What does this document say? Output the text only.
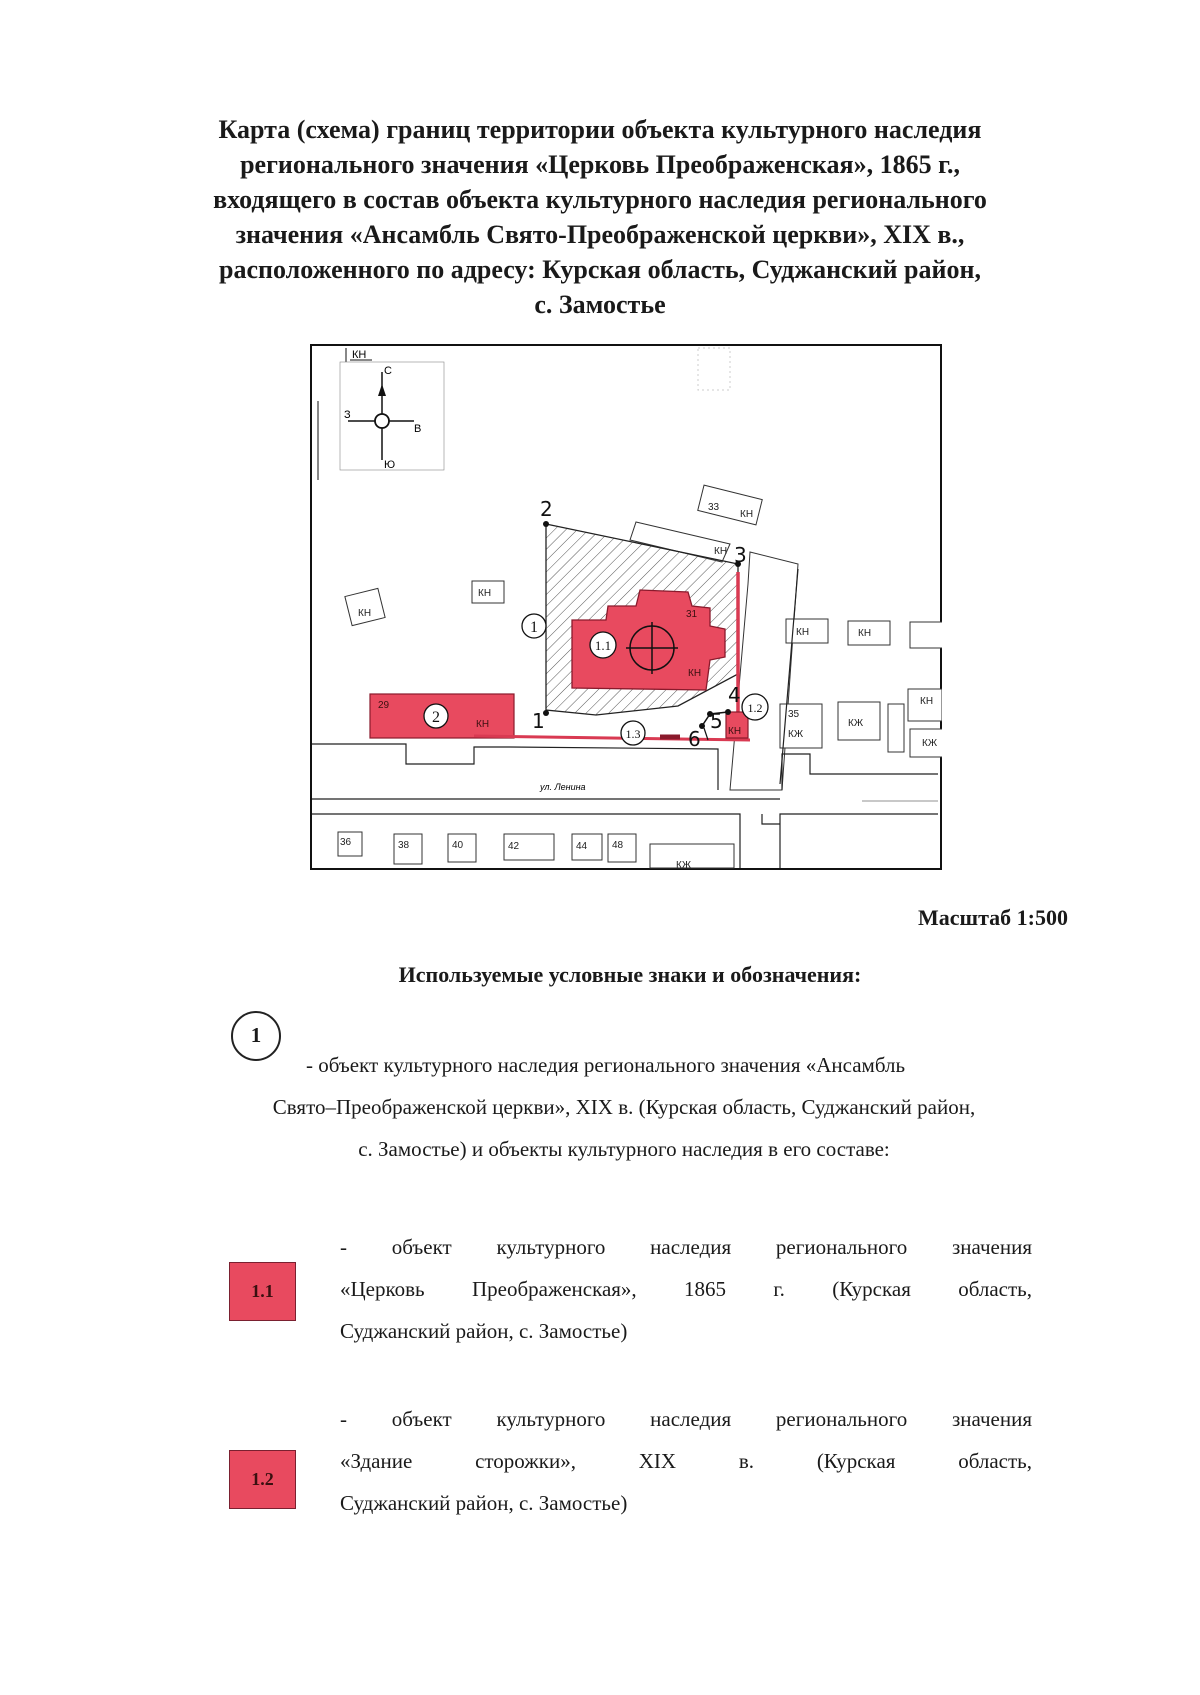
Карта (схема) границ территории объекта культурного наследия
регионального значения «Церковь Преображенская», 1865 г.,
входящего в состав объекта культурного наследия регионального
значения «Ансамбль Свято-Преображенской церкви», XIX в.,
расположенного по адресу: Курская область, Суджанский район,
с. Замостье
КН
С
Ю
З
В
ул. Ленина
1
2
3
4
5
6
33
31
29
35
КН
КН
КН
КН
КН
КН
КН
КН	КН
КН
КЖ
КЖ
КЖ
КЖ
36	38	40	42	44 48
1
1.1
2
1.2
1.3
Масштаб 1:500
Используемые условные знаки и обозначения:
1
- объект культурного наследия регионального значения «Ансамбль
Свято–Преображенской церкви», XIX в. (Курская область, Суджанский район,
с. Замостье) и объекты культурного наследия в его составе:
1.1
- объект культурного наследия регионального значения
«Церковь Преображенская», 1865 г. (Курская область,
Суджанский район, с. Замостье)
1.2
- объект культурного наследия регионального значения
«Здание сторожки», XIX в. (Курская область,
Суджанский район, с. Замостье)
